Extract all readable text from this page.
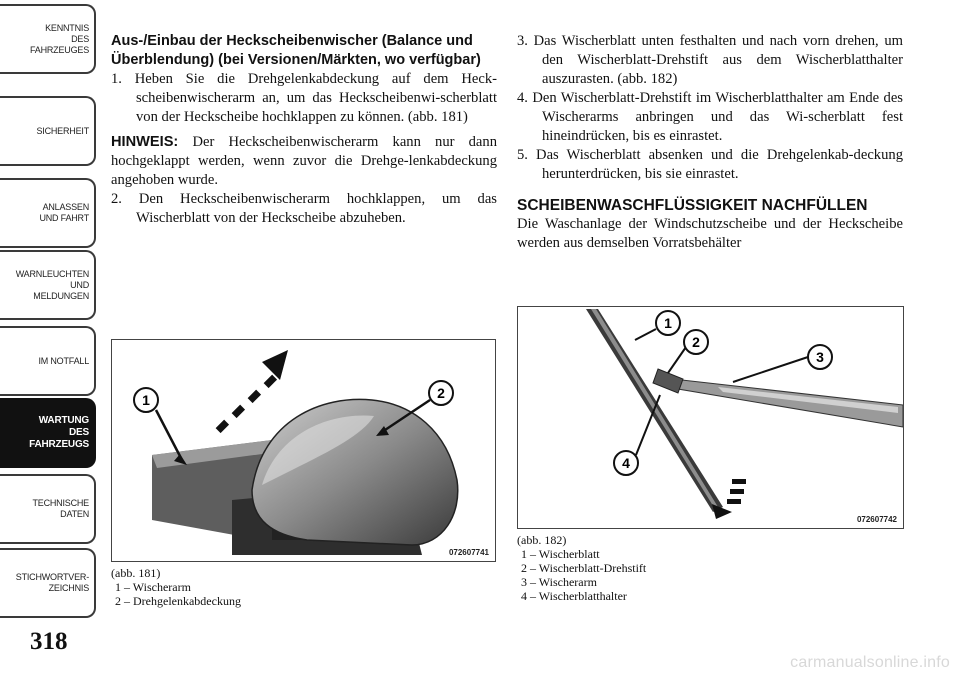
KENNTNIS
DES
FAHRZEUGES
SICHERHEIT
ANLASSEN
UND FAHRT
WARNLEUCHTEN
UND
MELDUNGEN
IM NOTFALL
WARTUNG
DES
FAHRZEUGS
TECHNISCHE
DATEN
STICHWORTVER-
ZEICHNIS
318
Aus-/Einbau der Heckscheibenwischer (Balance und Überblendung) (bei Versionen/Märkten, wo verfügbar)
1. Heben Sie die Drehgelenkabdeckung auf dem Heck-scheibenwischerarm an, um das Heckscheibenwi-scherblatt von der Heckscheibe hochklappen zu können. (abb. 181)
HINWEIS: Der Heckscheibenwischerarm kann nur dann hochgeklappt werden, wenn zuvor die Drehge-lenkabdeckung angehoben wurde.
2. Den Heckscheibenwischerarm hochklappen, um das Wischerblatt von der Heckscheibe abzuheben.
3. Das Wischerblatt unten festhalten und nach vorn drehen, um den Wischerblatt-Drehstift aus dem Wischerblatthalter auszurasten. (abb. 182)
4. Den Wischerblatt-Drehstift im Wischerblatthalter am Ende des Wischerarms anbringen und das Wi-scherblatt fest hineindrücken, bis es einrastet.
5. Das Wischerblatt absenken und die Drehgelenkab-deckung herunterdrücken, bis sie einrastet.
SCHEIBENWASCHFLÜSSIGKEIT NACHFÜLLEN
Die Waschanlage der Windschutzscheibe und der Heckscheibe werden aus demselben Vorratsbehälter
1	2
072607741
(abb. 181)
1 – Wischerarm
2 – Drehgelenkabdeckung
1
2
3
4
072607742
(abb. 182)
1 – Wischerblatt
2 – Wischerblatt-Drehstift
3 – Wischerarm
4 – Wischerblatthalter
carmanualsonline.info
